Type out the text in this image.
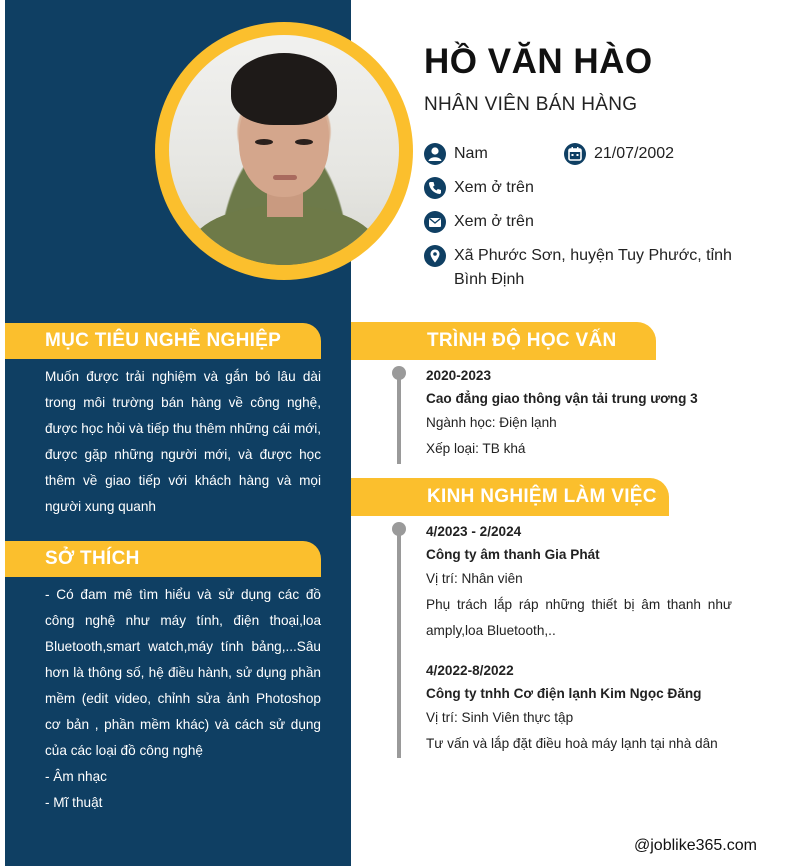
HỒ VĂN HÀO
NHÂN VIÊN BÁN HÀNG
Nam	21/07/2002
Xem ở trên
Xem ở trên
Xã Phước Sơn, huyện Tuy Phước, tỉnh Bình Định
MỤC TIÊU NGHỀ NGHIỆP

Muốn được trải nghiệm và gắn bó lâu dài trong môi trường bán hàng về công nghệ, được học hỏi và tiếp thu thêm những cái mới, được gặp những người mới, và được học thêm về giao tiếp với khách hàng và mọi người xung quanh

SỞ THÍCH

- Có đam mê tìm hiểu và sử dụng các đồ công nghệ như máy tính, điện thoại,loa Bluetooth,smart watch,máy tính bảng,...Sâu hơn là thông số, hệ điều hành, sử dụng phần mềm (edit video, chỉnh sửa ảnh Photoshop cơ bản , phần mềm khác) và cách sử dụng của các loại đồ công nghệ

- Âm nhạc

- Mĩ thuật

TRÌNH ĐỘ HỌC VẤN
2020-2023
Cao đẳng giao thông vận tải trung ương 3
Ngành học: Điện lạnh
Xếp loại: TB khá
KINH NGHIỆM LÀM VIỆC
4/2023 - 2/2024
Công ty âm thanh Gia Phát
Vị trí: Nhân viên
Phụ trách lắp ráp những thiết bị âm thanh như amply,loa Bluetooth,..
4/2022-8/2022
Công ty tnhh Cơ điện lạnh Kim Ngọc Đăng
Vị trí: Sinh Viên thực tập
Tư vấn và lắp đặt điều hoà máy lạnh tại nhà dân
@joblike365.com
